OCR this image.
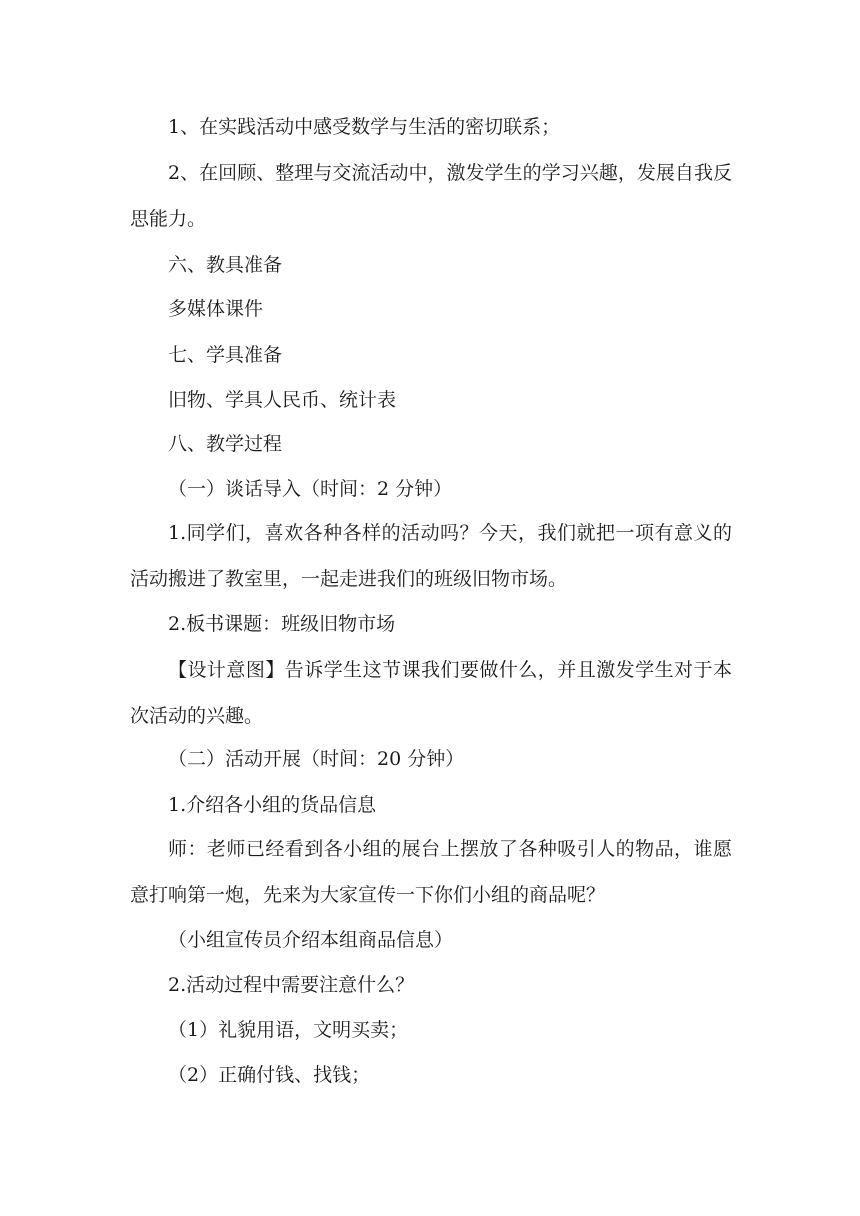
1、在实践活动中感受数学与生活的密切联系；

2、在回顾、整理与交流活动中，激发学生的学习兴趣，发展自我反思能力。

六、教具准备

多媒体课件

七、学具准备

旧物、学具人民币、统计表

八、教学过程

（一）谈话导入（时间：2 分钟）

1.同学们，喜欢各种各样的活动吗？今天，我们就把一项有意义的活动搬进了教室里，一起走进我们的班级旧物市场。

2.板书课题：班级旧物市场

【设计意图】告诉学生这节课我们要做什么，并且激发学生对于本次活动的兴趣。

（二）活动开展（时间：20 分钟）

1.介绍各小组的货品信息

师：老师已经看到各小组的展台上摆放了各种吸引人的物品，谁愿意打响第一炮，先来为大家宣传一下你们小组的商品呢？

（小组宣传员介绍本组商品信息）

2.活动过程中需要注意什么？

（1）礼貌用语，文明买卖；

（2）正确付钱、找钱；
